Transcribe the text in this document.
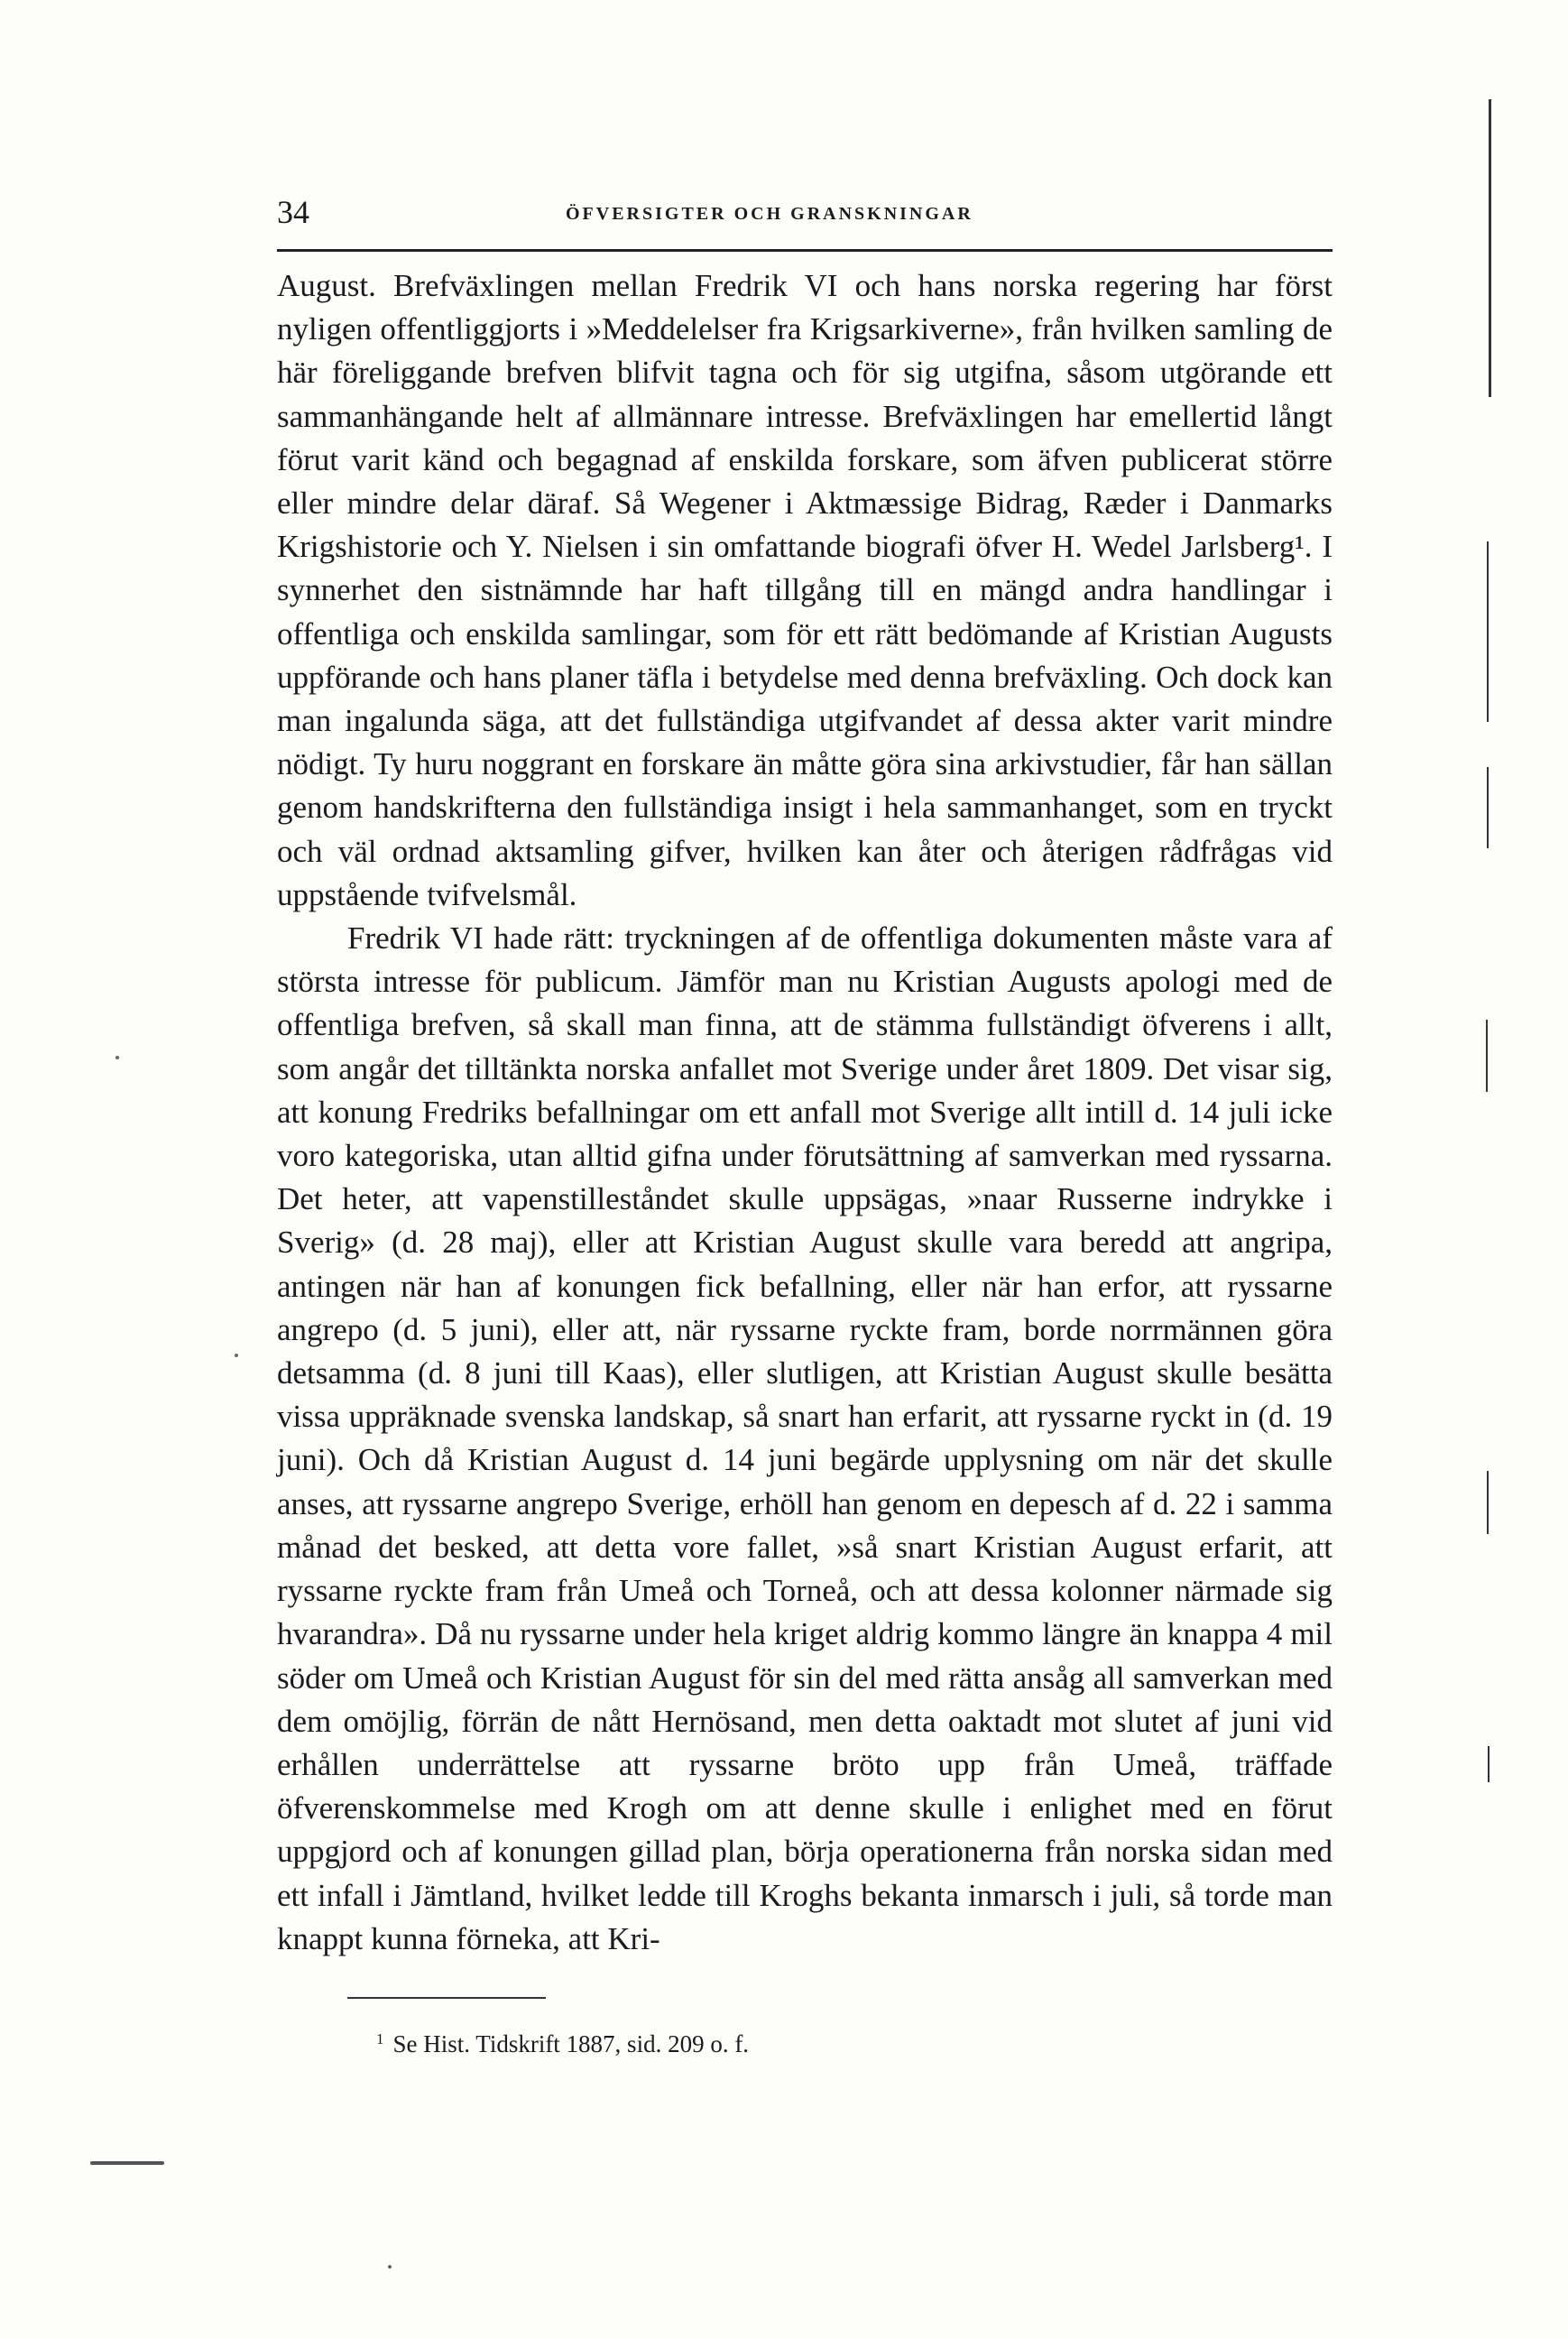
34	ÖFVERSIGTER OCH GRANSKNINGAR

August. Brefväxlingen mellan Fredrik VI och hans norska regering har först nyligen offentliggjorts i »Meddelelser fra Krigsarkiverne», från hvilken samling de här föreliggande brefven blifvit tagna och för sig utgifna, såsom utgörande ett sammanhängande helt af allmännare intresse. Brefväxlingen har emellertid långt förut varit känd och begagnad af enskilda forskare, som äfven publicerat större eller mindre delar däraf. Så Wegener i Aktmæssige Bidrag, Ræder i Danmarks Krigshistorie och Y. Nielsen i sin omfattande biografi öfver H. Wedel Jarlsberg¹. I synnerhet den sistnämnde har haft tillgång till en mängd andra handlingar i offentliga och enskilda samlingar, som för ett rätt bedömande af Kristian Augusts uppförande och hans planer täfla i betydelse med denna brefväxling. Och dock kan man ingalunda säga, att det fullständiga utgifvandet af dessa akter varit mindre nödigt. Ty huru noggrant en forskare än måtte göra sina arkivstudier, får han sällan genom handskrifterna den fullständiga insigt i hela sammanhanget, som en tryckt och väl ordnad aktsamling gifver, hvilken kan åter och återigen rådfrågas vid uppstående tvifvelsmål.

Fredrik VI hade rätt: tryckningen af de offentliga dokumenten måste vara af största intresse för publicum. Jämför man nu Kristian Augusts apologi med de offentliga brefven, så skall man finna, att de stämma fullständigt öfverens i allt, som angår det tilltänkta norska anfallet mot Sverige under året 1809. Det visar sig, att konung Fredriks befallningar om ett anfall mot Sverige allt intill d. 14 juli icke voro kategoriska, utan alltid gifna under förutsättning af samverkan med ryssarna. Det heter, att vapenstilleståndet skulle uppsägas, »naar Russerne indrykke i Sverig» (d. 28 maj), eller att Kristian August skulle vara beredd att angripa, antingen när han af konungen fick befallning, eller när han erfor, att ryssarne angrepo (d. 5 juni), eller att, när ryssarne ryckte fram, borde norrmännen göra detsamma (d. 8 juni till Kaas), eller slutligen, att Kristian August skulle besätta vissa uppräknade svenska landskap, så snart han erfarit, att ryssarne ryckt in (d. 19 juni). Och då Kristian August d. 14 juni begärde upplysning om när det skulle anses, att ryssarne angrepo Sverige, erhöll han genom en depesch af d. 22 i samma månad det besked, att detta vore fallet, »så snart Kristian August erfarit, att ryssarne ryckte fram från Umeå och Torneå, och att dessa kolonner närmade sig hvarandra». Då nu ryssarne under hela kriget aldrig kommo längre än knappa 4 mil söder om Umeå och Kristian August för sin del med rätta ansåg all samverkan med dem omöjlig, förrän de nått Hernösand, men detta oaktadt mot slutet af juni vid erhållen underrättelse att ryssarne bröto upp från Umeå, träffade öfverenskommelse med Krogh om att denne skulle i enlighet med en förut uppgjord och af konungen gillad plan, börja operationerna från norska sidan med ett infall i Jämtland, hvilket ledde till Kroghs bekanta inmarsch i juli, så torde man knappt kunna förneka, att Kri-

$^1$ Se Hist. Tidskrift 1887, sid. 209 o. f.
